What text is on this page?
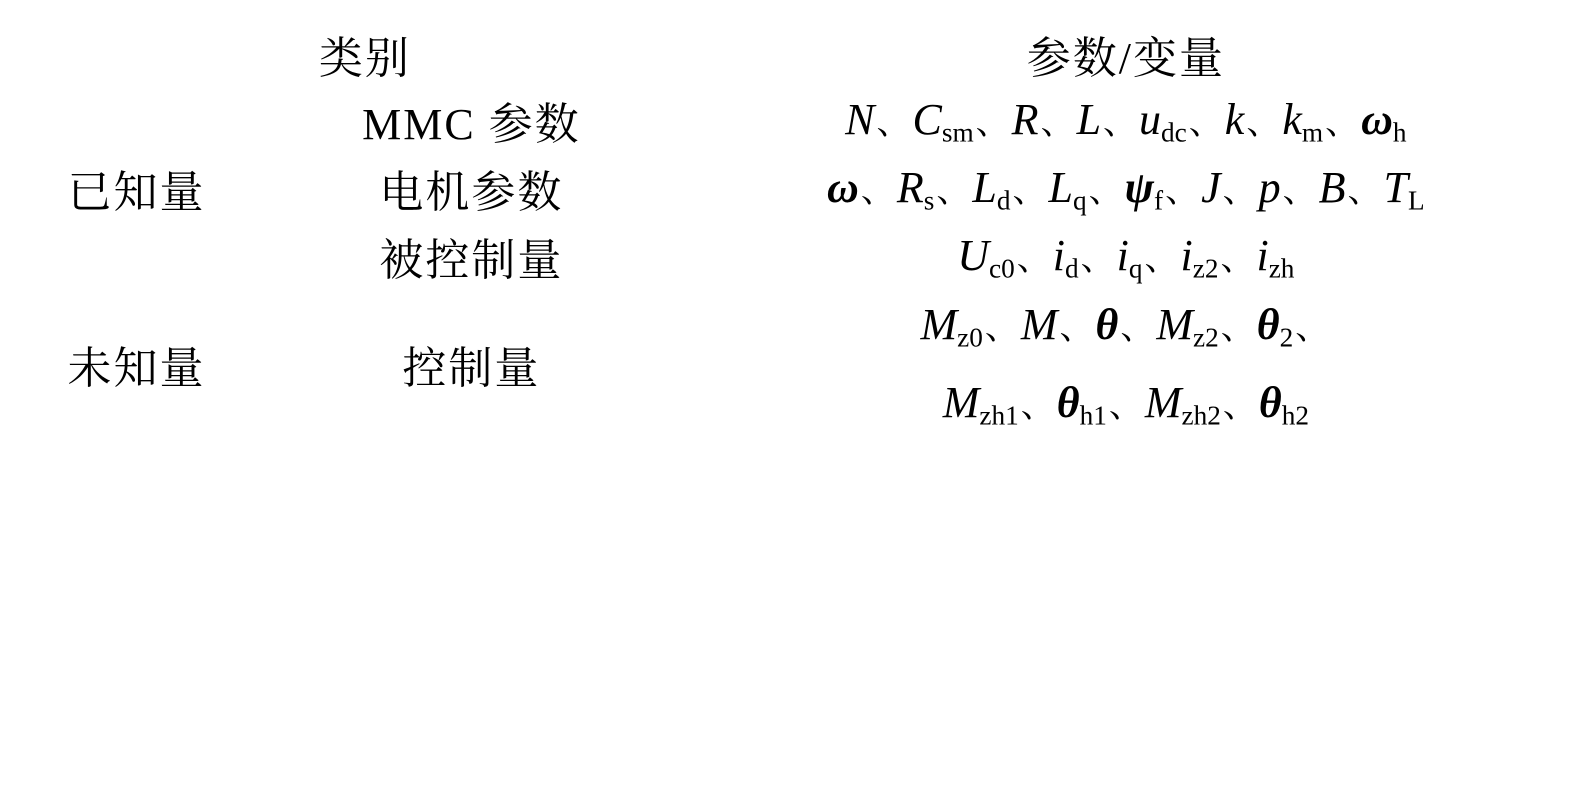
类别		参数/变量
已知量	MMC 参数	N、$C_{sm}$、R、L、$u_{dc}$、k、$k_m$、$\omega_h$
	电机参数	ω、$R_s$、$L_d$、$L_q$、$\psi_f$、J、p、B、$T_L$
	被控制量	$U_{c0}$、$i_d$、$i_q$、$i_{z2}$、$i_{zh}$
未知量	控制量	$M_{z0}$、M、θ、$M_{z2}$、$\theta_2$、
$M_{zh1}$、$\theta_{h1}$、$M_{zh2}$、$\theta_{h2}$
